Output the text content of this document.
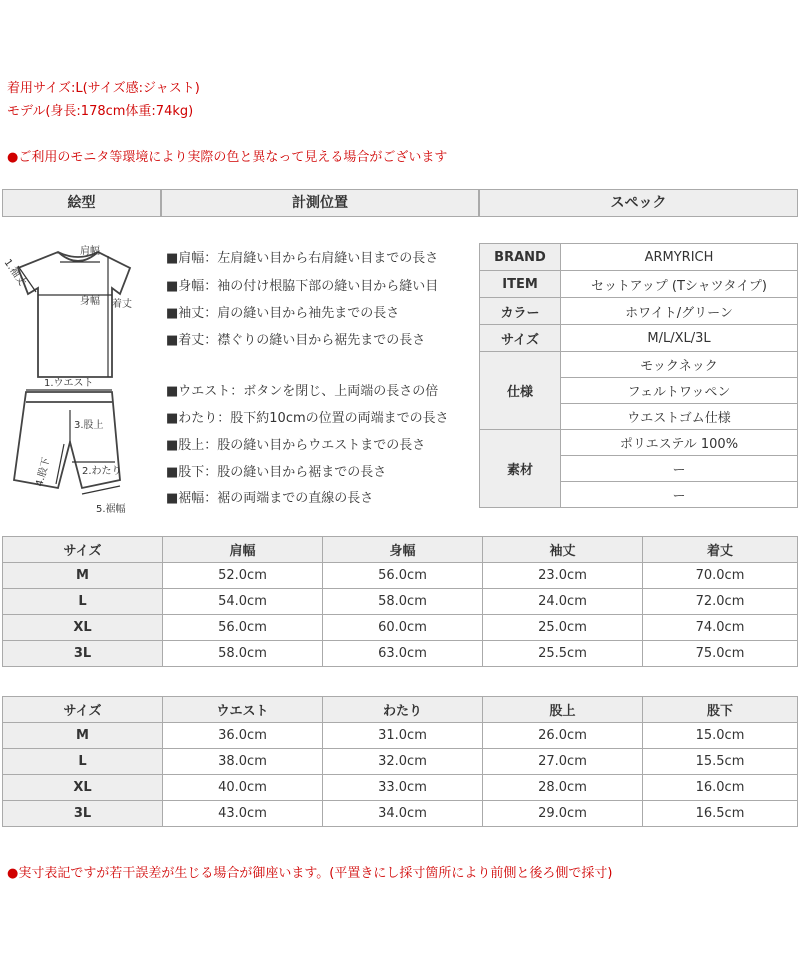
着用サイズ:L(サイズ感:ジャスト)
モデル(身長:178cm体重:74kg)
●ご利用のモニタ等環境により実際の色と異なって見える場合がございます
絵型	計測位置	スペック
肩幅
身幅 着丈
1.袖丈
1.ウエスト
3.股上
2.わたり
4.股下
5.裾幅
■肩幅：左肩縫い目から右肩縫い目までの長さ
■身幅：袖の付け根脇下部の縫い目から縫い目
■袖丈：肩の縫い目から袖先までの長さ
■着丈：襟ぐりの縫い目から裾先までの長さ
■ウエスト：ボタンを閉じ、上両端の長さの倍
■わたり：股下約10cmの位置の両端までの長さ
■股上：股の縫い目からウエストまでの長さ
■股下：股の縫い目から裾までの長さ
■裾幅：裾の両端までの直線の長さ
BRAND	ARMYRICH
ITEM	セットアップ (Tシャツタイプ)
カラー	ホワイト/グリーン
サイズ	M/L/XL/3L
仕様	モックネック
	フェルトワッペン
	ウエストゴム仕様
素材	ポリエステル 100%
	ー
	ー
サイズ	肩幅	身幅	袖丈	着丈
M	52.0cm	56.0cm	23.0cm	70.0cm
L	54.0cm	58.0cm	24.0cm	72.0cm
XL	56.0cm	60.0cm	25.0cm	74.0cm
3L	58.0cm	63.0cm	25.5cm	75.0cm
サイズ	ウエスト	わたり	股上	股下
M	36.0cm	31.0cm	26.0cm	15.0cm
L	38.0cm	32.0cm	27.0cm	15.5cm
XL	40.0cm	33.0cm	28.0cm	16.0cm
3L	43.0cm	34.0cm	29.0cm	16.5cm
●実寸表記ですが若干誤差が生じる場合が御座います。(平置きにし採寸箇所により前側と後ろ側で採寸)
